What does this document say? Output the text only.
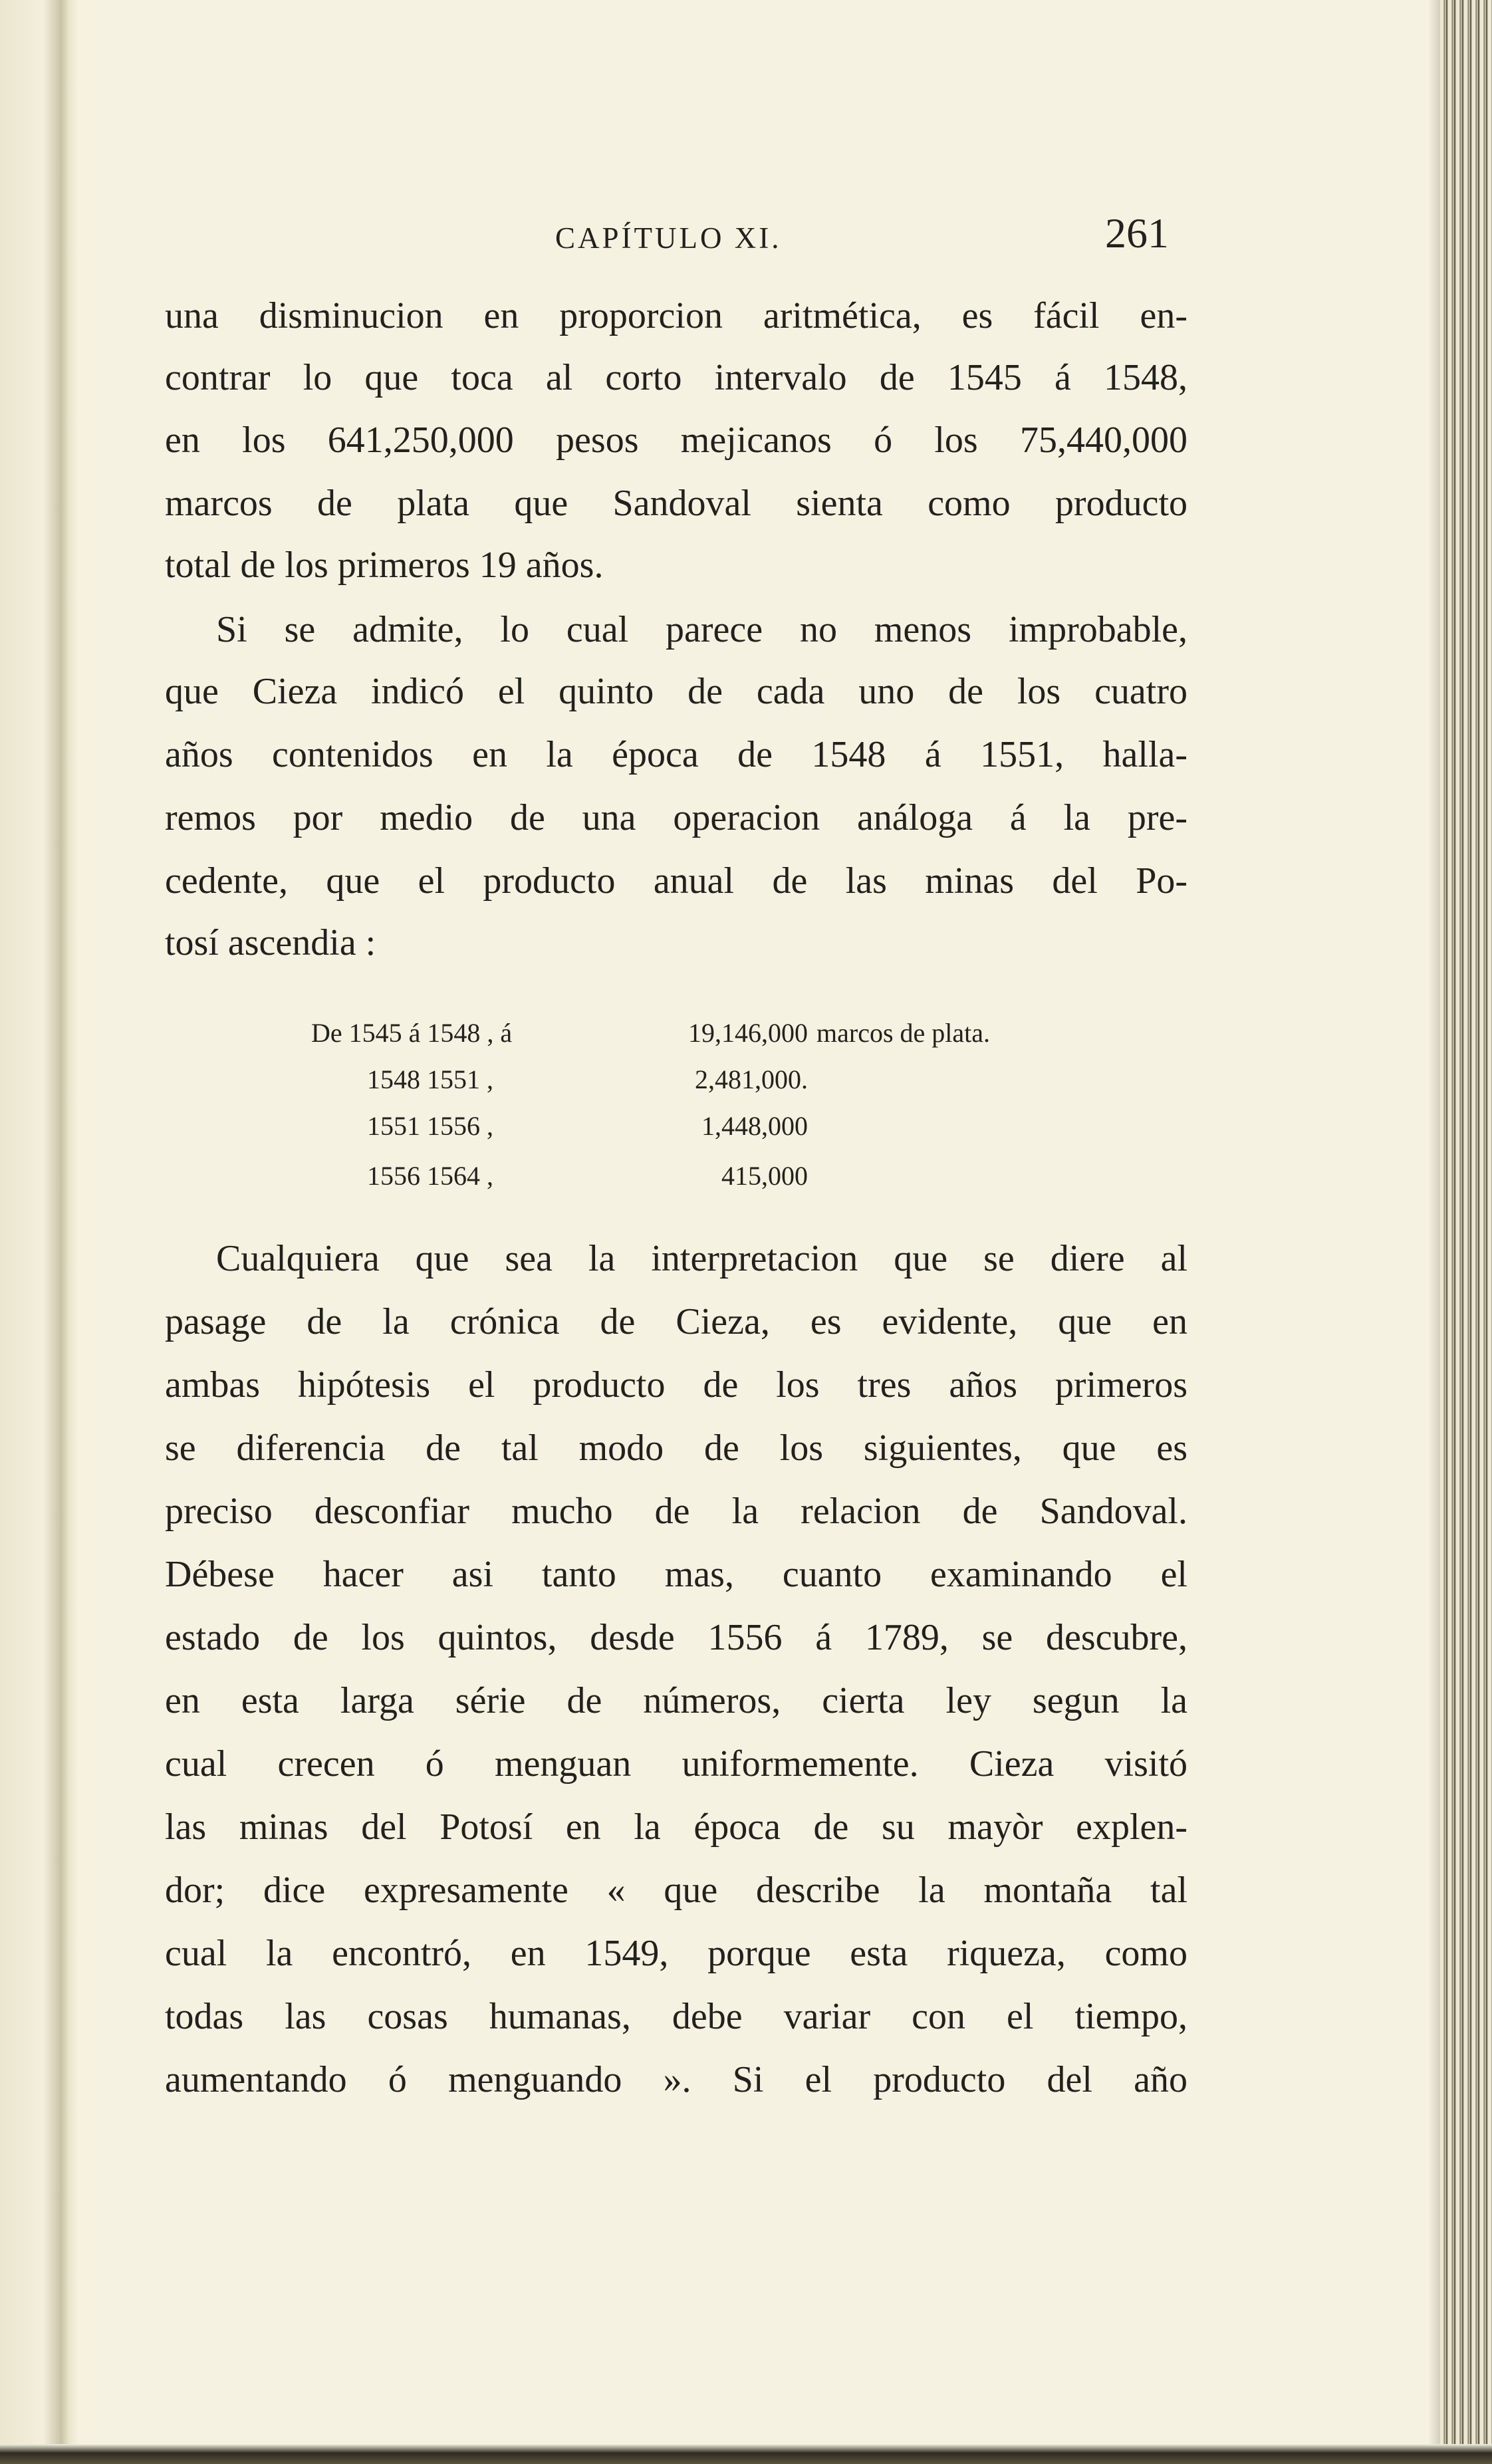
CAPÍTULO XI.	261
una disminucion en proporcion aritmética, es fácil en-
contrar lo que toca al corto intervalo de 1545 á 1548,
en los 641,250,000 pesos mejicanos ó los 75,440,000
marcos de plata que Sandoval sienta como producto
total de los primeros 19 años.
Si se admite, lo cual parece no menos improbable,
que Cieza indicó el quinto de cada uno de los cuatro
años contenidos en la época de 1548 á 1551, halla-
remos por medio de una operacion análoga á la pre-
cedente, que el producto anual de las minas del Po-
tosí ascendia :
De 1545 á 1548 , á	19,146,000 marcos de plata.
1548 1551 ,	2,481,000.
1551 1556 ,	1,448,000
1556 1564 ,	415,000
Cualquiera que sea la interpretacion que se diere al
pasage de la crónica de Cieza, es evidente, que en
ambas hipótesis el producto de los tres años primeros
se diferencia de tal modo de los siguientes, que es
preciso desconfiar mucho de la relacion de Sandoval.
Débese hacer asi tanto mas, cuanto examinando el
estado de los quintos, desde 1556 á 1789, se descubre,
en esta larga série de números, cierta ley segun la
cual crecen ó menguan uniformemente. Cieza visitó
las minas del Potosí en la época de su mayòr explen-
dor; dice expresamente « que describe la montaña tal
cual la encontró, en 1549, porque esta riqueza, como
todas las cosas humanas, debe variar con el tiempo,
aumentando ó menguando ». Si el producto del año
